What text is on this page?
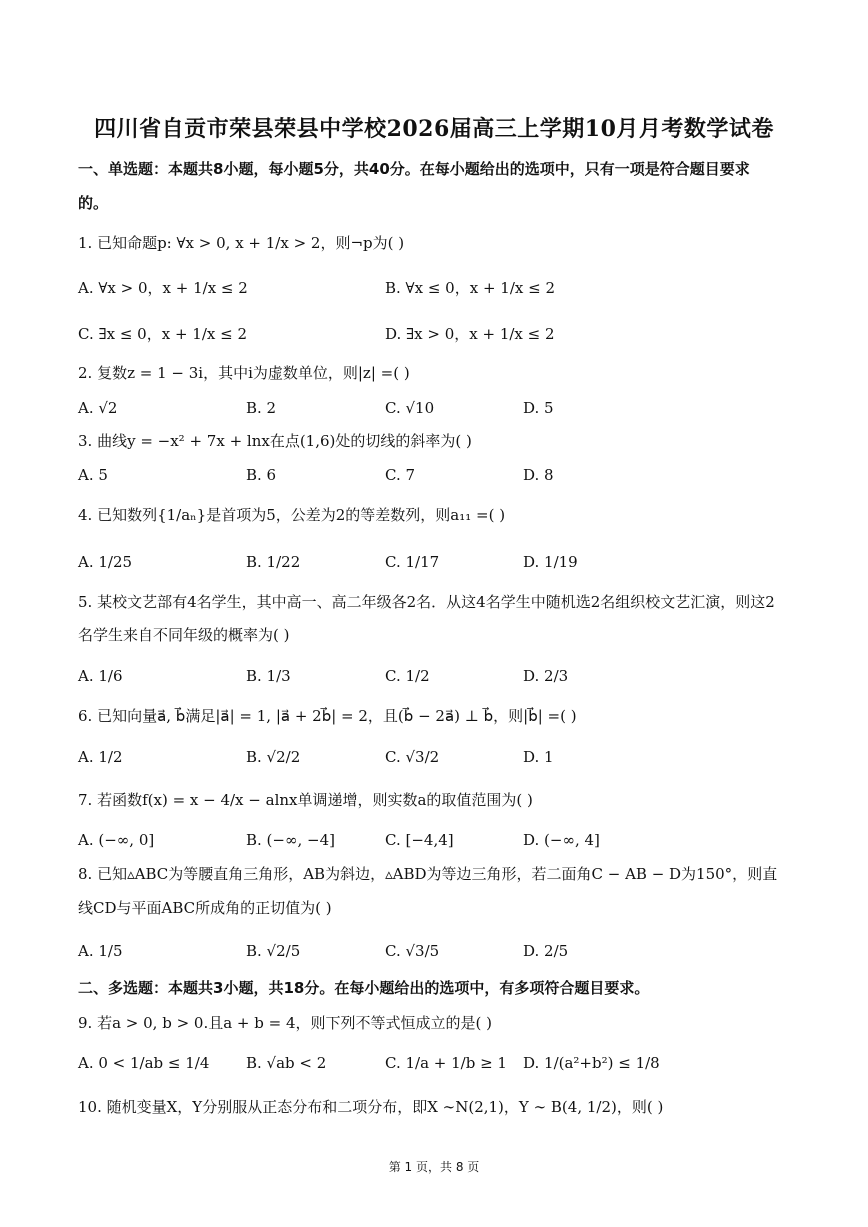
四川省自贡市荣县荣县中学校2026届高三上学期10月月考数学试卷
一、单选题：本题共8小题，每小题5分，共40分。在每小题给出的选项中，只有一项是符合题目要求
的。
1. 已知命题p: ∀x > 0, x + 1/x > 2，则¬p为( )
A. ∀x > 0，x + 1/x ≤ 2	B. ∀x ≤ 0，x + 1/x ≤ 2
C. ∃x ≤ 0，x + 1/x ≤ 2	D. ∃x > 0，x + 1/x ≤ 2
2. 复数z = 1 − 3i，其中i为虚数单位，则|z| =( )
A. √2	B. 2	C. √10	D. 5
3. 曲线y = −x² + 7x + lnx在点(1,6)处的切线的斜率为( )
A. 5	B. 6	C. 7	D. 8
4. 已知数列{1/aₙ}是首项为5，公差为2的等差数列，则a₁₁ =( )
A. 1/25	B. 1/22	C. 1/17	D. 1/19
5. 某校文艺部有4名学生，其中高一、高二年级各2名．从这4名学生中随机选2名组织校文艺汇演，则这2
名学生来自不同年级的概率为( )
A. 1/6	B. 1/3	C. 1/2	D. 2/3
6. 已知向量a⃗, b⃗满足|a⃗| = 1, |a⃗ + 2b⃗| = 2，且(b⃗ − 2a⃗) ⊥ b⃗，则|b⃗| =( )
A. 1/2	B. √2/2	C. √3/2	D. 1
7. 若函数f(x) = x − 4/x − alnx单调递增，则实数a的取值范围为( )
A. (−∞, 0]	B. (−∞, −4]	C. [−4,4]	D. (−∞, 4]
8. 已知▵ABC为等腰直角三角形，AB为斜边，▵ABD为等边三角形，若二面角C − AB − D为150°，则直
线CD与平面ABC所成角的正切值为( )
A. 1/5	B. √2/5	C. √3/5	D. 2/5
二、多选题：本题共3小题，共18分。在每小题给出的选项中，有多项符合题目要求。
9. 若a > 0, b > 0.且a + b = 4，则下列不等式恒成立的是( )
A. 0 < 1/ab ≤ 1/4 B. √ab < 2	C. 1/a + 1/b ≥ 1 D. 1/(a²+b²) ≤ 1/8
10. 随机变量X，Y分别服从正态分布和二项分布，即X ∼N(2,1)，Y ∼ B(4, 1/2)，则( )
第 1 页，共 8 页
